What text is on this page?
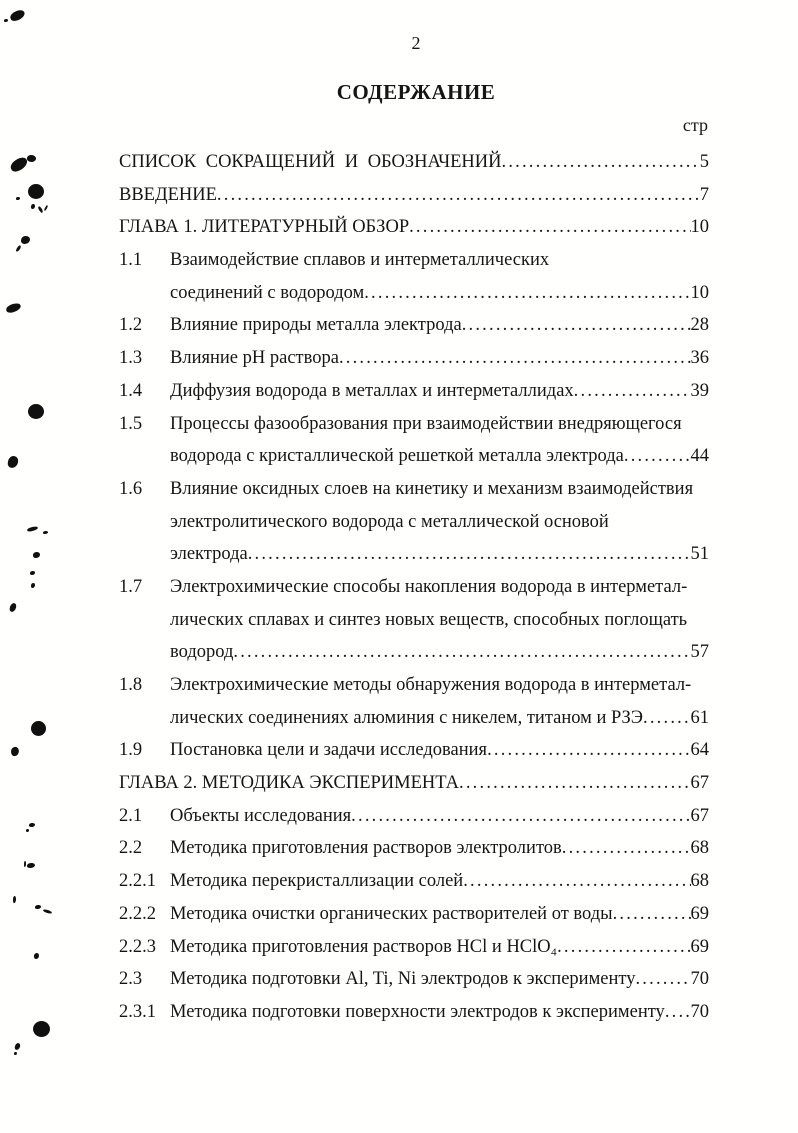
2
СОДЕРЖАНИЕ
стр
СПИСОК СОКРАЩЕНИЙ И ОБОЗНАЧЕНИЙ .....	5
ВВЕДЕНИЕ .....	7
ГЛАВА 1. ЛИТЕРАТУРНЫЙ ОБЗОР .....	10
1.1	Взаимодействие сплавов и интерметаллических
соединений с водородом .....	10
1.2	Влияние природы металла электрода .....	28
1.3	Влияние pH раствора .....	36
1.4	Диффузия водорода в металлах и интерметаллидах .....	39
1.5	Процессы фазообразования при взаимодействии внедряющегося
водорода с кристаллической решеткой металла электрода .....	44
1.6	Влияние оксидных слоев на кинетику и механизм взаимодействия
электролитического водорода с металлической основой
электрода .....	51
1.7	Электрохимические способы накопления водорода в интерметал-
лических сплавах и синтез новых веществ, способных поглощать
водород .....	57
1.8	Электрохимические методы обнаружения водорода в интерметал-
лических соединениях алюминия с никелем, титаном и РЗЭ .....	61
1.9	Постановка цели и задачи исследования .....	64
ГЛАВА 2. МЕТОДИКА ЭКСПЕРИМЕНТА .....	67
2.1	Объекты исследования .....	67
2.2	Методика приготовления растворов электролитов .....	68
2.2.1 Методика перекристаллизации солей .....	68
2.2.2 Методика очистки органических растворителей от воды .....	69
2.2.3 Методика приготовления растворов HCl и HClO₄ .....	69
2.3	Методика подготовки Al, Ti, Ni электродов к эксперименту .....	70
2.3.1 Методика подготовки поверхности электродов к эксперименту ..... 70
